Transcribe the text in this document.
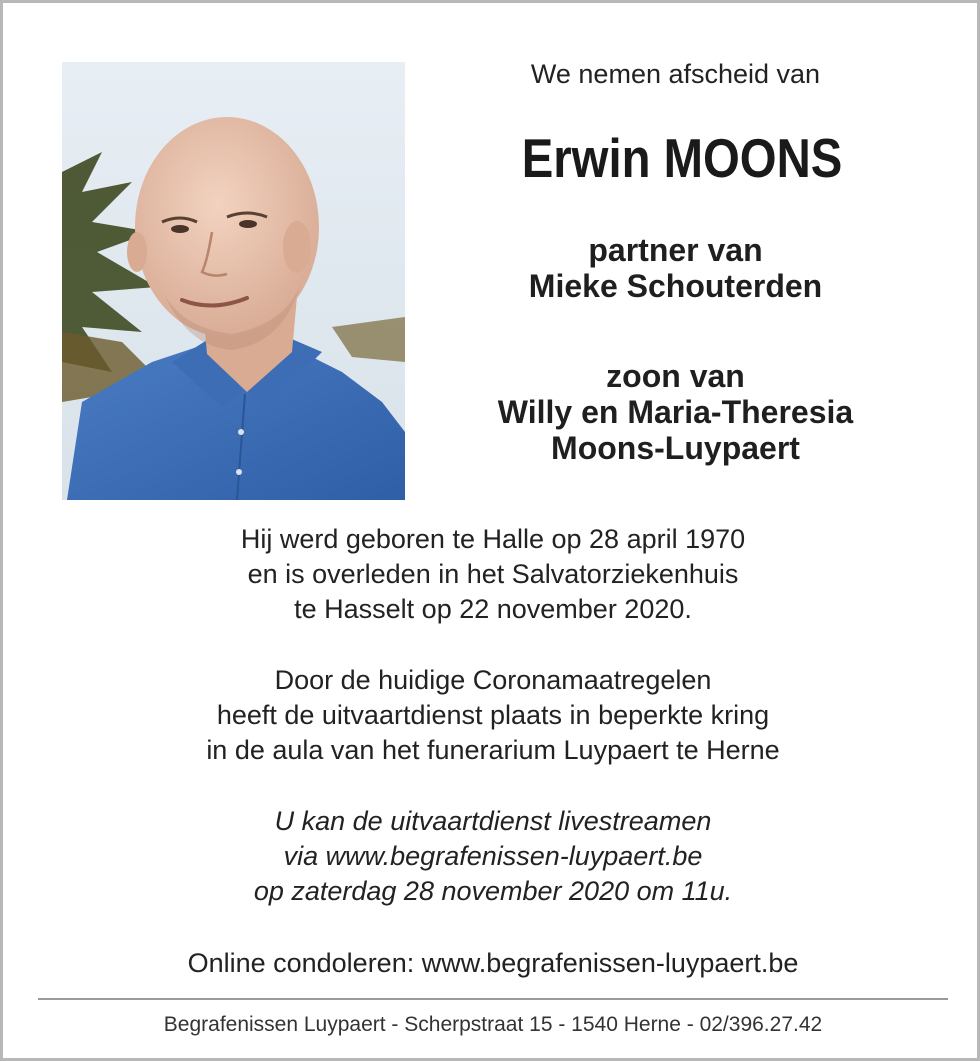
We nemen afscheid van
Erwin MOONS
partner van
Mieke Schouterden
zoon van
Willy en Maria-Theresia
Moons-Luypaert
Hij werd geboren te Halle op 28 april 1970
en is overleden in het Salvatorziekenhuis
te Hasselt op 22 november 2020.
Door de huidige Coronamaatregelen
heeft de uitvaartdienst plaats in beperkte kring
in de aula van het funerarium Luypaert te Herne
U kan de uitvaartdienst livestreamen
via www.begrafenissen-luypaert.be
op zaterdag 28 november 2020 om 11u.
Online condoleren: www.begrafenissen-luypaert.be
Begrafenissen Luypaert - Scherpstraat 15 - 1540 Herne - 02/396.27.42
